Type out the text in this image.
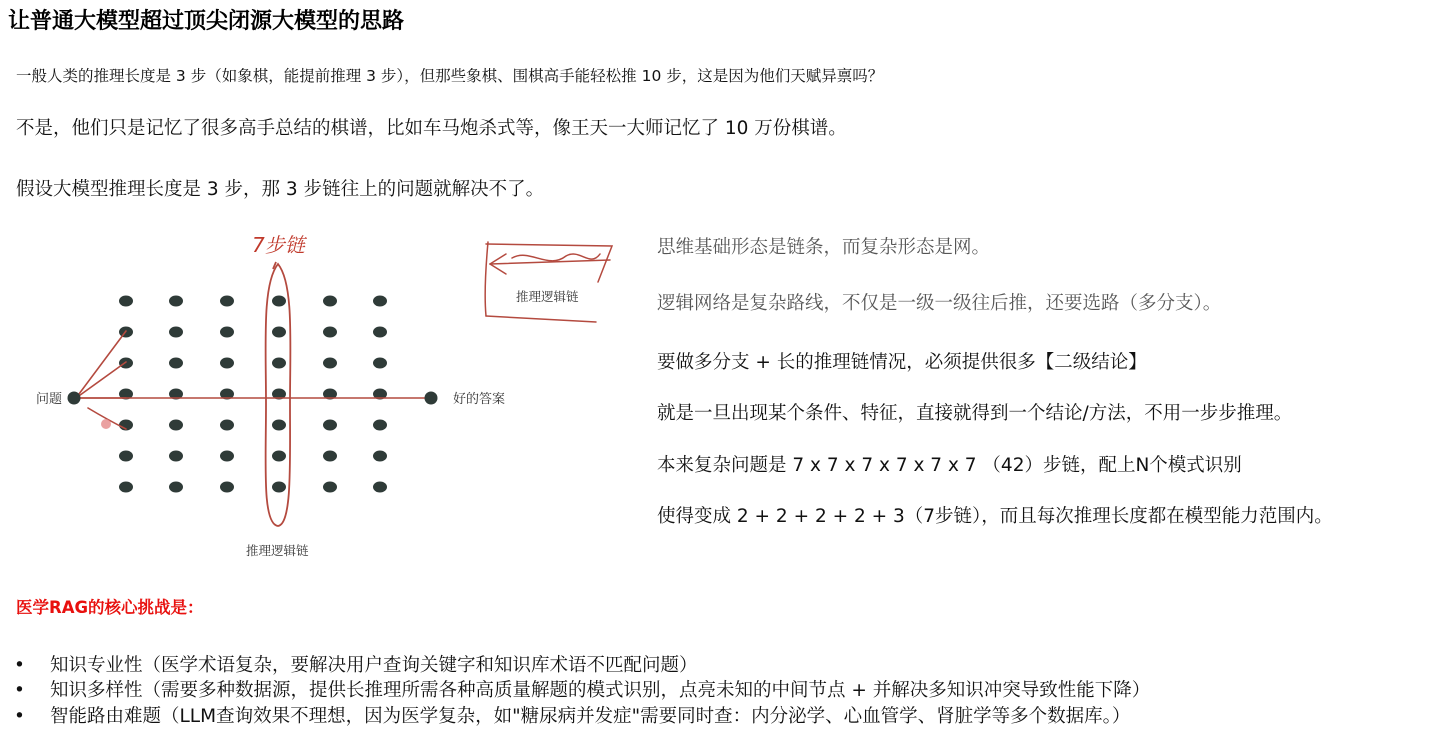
让普通大模型超过顶尖闭源大模型的思路
一般人类的推理长度是 3 步（如象棋，能提前推理 3 步），但那些象棋、围棋高手能轻松推 10 步，这是因为他们天赋异禀吗？
不是，他们只是记忆了很多高手总结的棋谱，比如车马炮杀式等，像王天一大师记忆了 10 万份棋谱。
假设大模型推理长度是 3 步，那 3 步链往上的问题就解决不了。
问题	好的答案
推理逻辑链
7步链
推理逻辑链
思维基础形态是链条，而复杂形态是网。
逻辑网络是复杂路线，不仅是一级一级往后推，还要选路（多分支）。
要做多分支 + 长的推理链情况，必须提供很多【二级结论】
就是一旦出现某个条件、特征，直接就得到一个结论/方法，不用一步步推理。
本来复杂问题是 7 x 7 x 7 x 7 x 7 x 7 （42）步链，配上N个模式识别
使得变成 2 + 2 + 2 + 2 + 3（7步链），而且每次推理长度都在模型能力范围内。
医学RAG的核心挑战是：
• 知识专业性（医学术语复杂，要解决用户查询关键字和知识库术语不匹配问题）
• 知识多样性（需要多种数据源，提供长推理所需各种高质量解题的模式识别，点亮未知的中间节点 + 并解决多知识冲突导致性能下降）
• 智能路由难题（LLM查询效果不理想，因为医学复杂，如"糖尿病并发症"需要同时查：内分泌学、心血管学、肾脏学等多个数据库。）
